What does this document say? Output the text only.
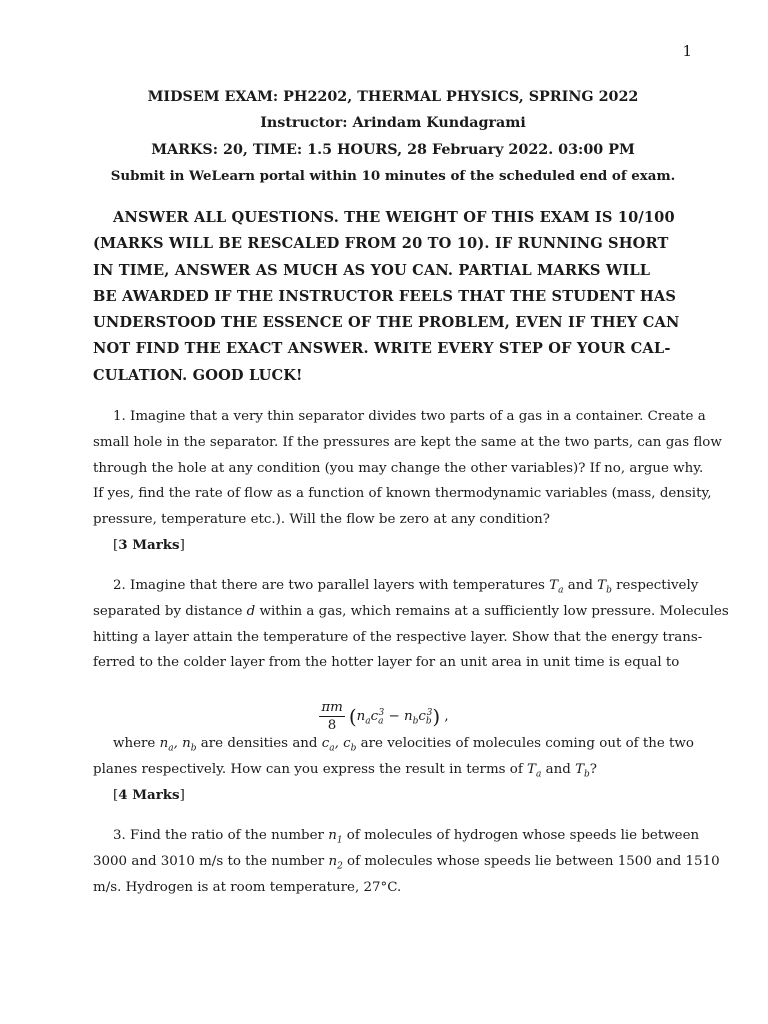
1
MIDSEM EXAM: PH2202, THERMAL PHYSICS, SPRING 2022
Instructor: Arindam Kundagrami
MARKS: 20, TIME: 1.5 HOURS, 28 February 2022. 03:00 PM
Submit in WeLearn portal within 10 minutes of the scheduled end of exam.
ANSWER ALL QUESTIONS. THE WEIGHT OF THIS EXAM IS 10/100
(MARKS WILL BE RESCALED FROM 20 TO 10). IF RUNNING SHORT
IN TIME, ANSWER AS MUCH AS YOU CAN. PARTIAL MARKS WILL
BE AWARDED IF THE INSTRUCTOR FEELS THAT THE STUDENT HAS
UNDERSTOOD THE ESSENCE OF THE PROBLEM, EVEN IF THEY CAN
NOT FIND THE EXACT ANSWER. WRITE EVERY STEP OF YOUR CAL-
CULATION. GOOD LUCK!
1. Imagine that a very thin separator divides two parts of a gas in a container. Create a
small hole in the separator. If the pressures are kept the same at the two parts, can gas flow
through the hole at any condition (you may change the other variables)? If no, argue why.
If yes, find the rate of flow as a function of known thermodynamic variables (mass, density,
pressure, temperature etc.). Will the flow be zero at any condition?
[3 Marks]
2. Imagine that there are two parallel layers with temperatures $T_a$ and $T_b$ respectively
separated by distance d within a gas, which remains at a sufficiently low pressure. Molecules
hitting a layer attain the temperature of the respective layer. Show that the energy trans-
ferred to the colder layer from the hotter layer for an unit area in unit time is equal to
$\frac{\pi m}{8} (n_ac_a^3 - n_bc_b^3)$ ,
where $n_a$, $n_b$ are densities and $c_a$, $c_b$ are velocities of molecules coming out of the two
planes respectively. How can you express the result in terms of $T_a$ and $T_b$?
[4 Marks]
3. Find the ratio of the number $n_1$ of molecules of hydrogen whose speeds lie between
3000 and 3010 m/s to the number $n_2$ of molecules whose speeds lie between 1500 and 1510
m/s. Hydrogen is at room temperature, 27°C.
